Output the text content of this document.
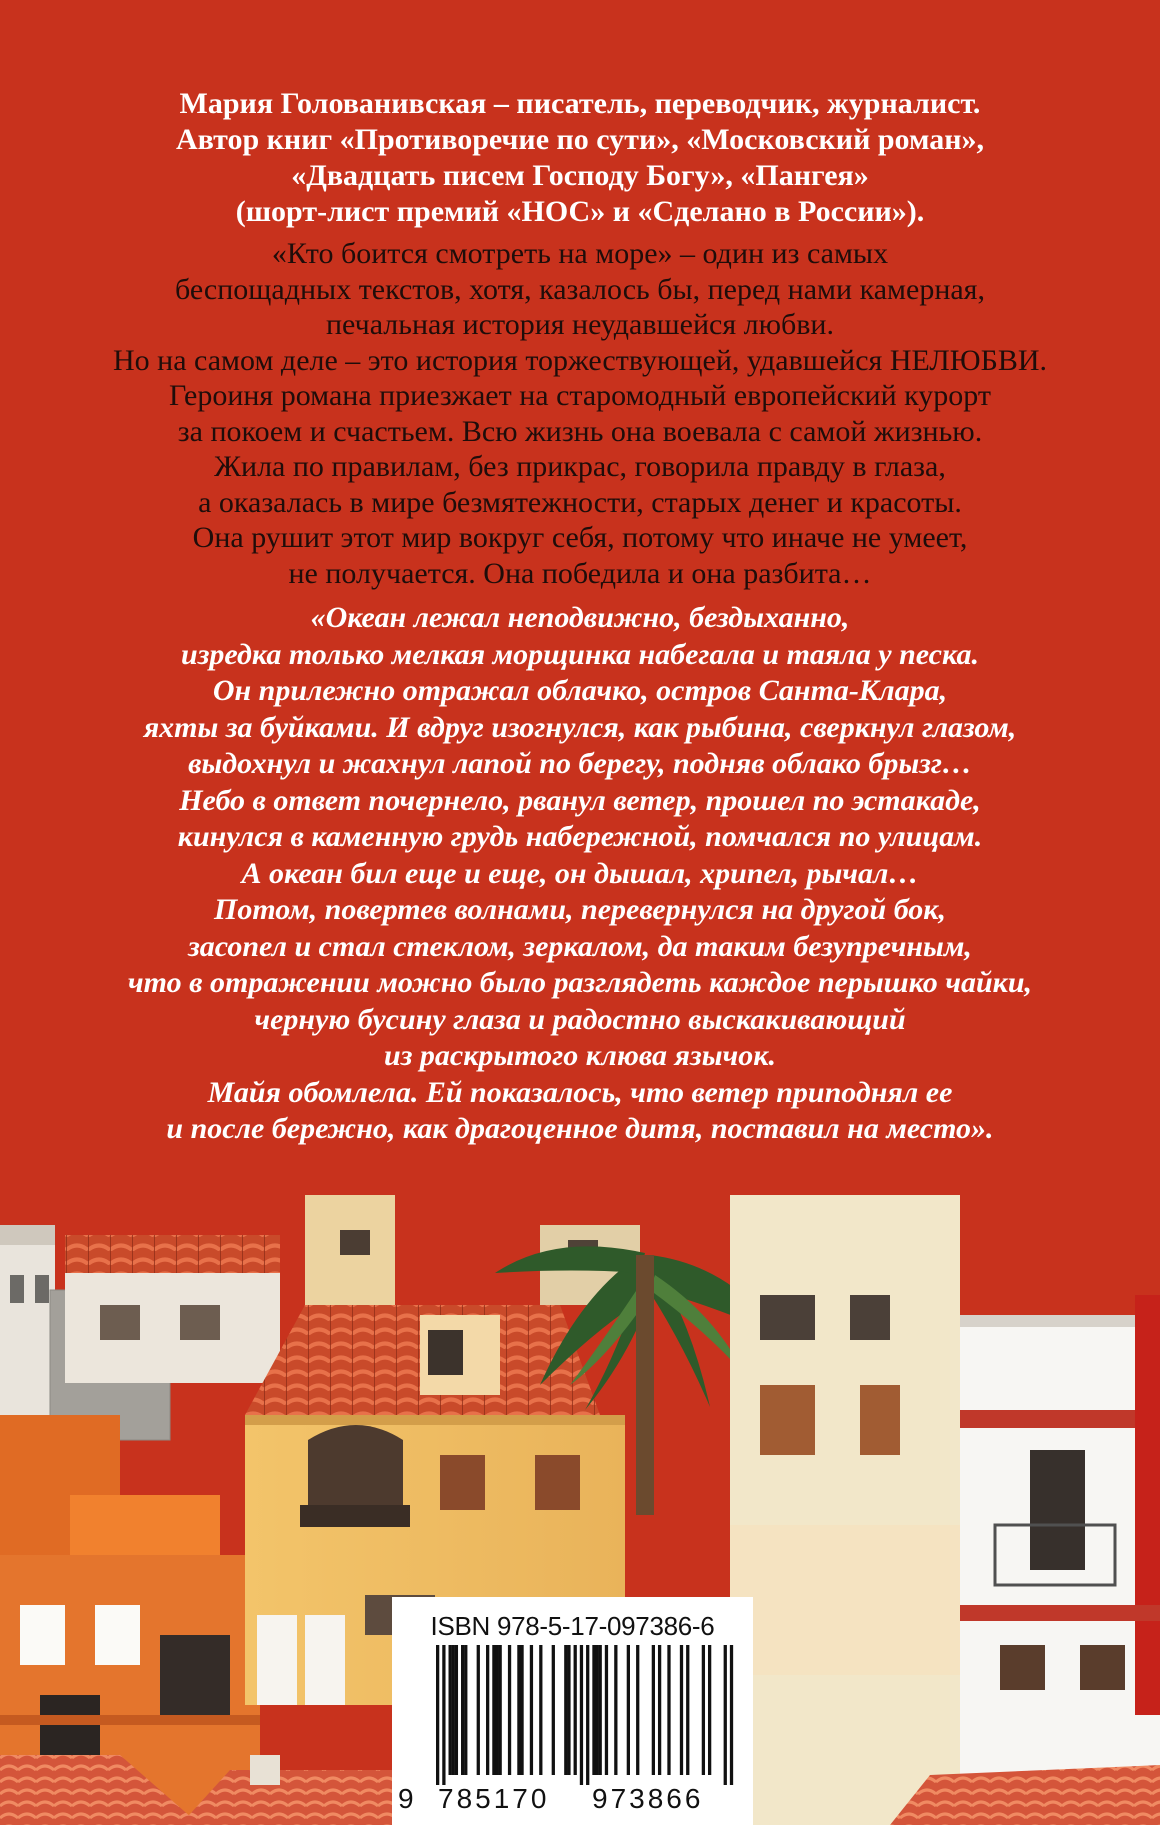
Мария Голованивская – писатель, переводчик, журналист.
Автор книг «Противоречие по сути», «Московский роман»,
«Двадцать писем Господу Богу», «Пангея»
(шорт-лист премий «НОС» и «Сделано в России»).
«Кто боится смотреть на море» – один из самых
беспощадных текстов, хотя, казалось бы, перед нами камерная,
печальная история неудавшейся любви.
Но на самом деле – это история торжествующей, удавшейся НЕЛЮБВИ.
Героиня романа приезжает на старомодный европейский курорт
за покоем и счастьем. Всю жизнь она воевала с самой жизнью.
Жила по правилам, без прикрас, говорила правду в глаза,
а оказалась в мире безмятежности, старых денег и красоты.
Она рушит этот мир вокруг себя, потому что иначе не умеет,
не получается. Она победила и она разбита…
«Океан лежал неподвижно, бездыханно,
изредка только мелкая морщинка набегала и таяла у песка.
Он прилежно отражал облачко, остров Санта-Клара,
яхты за буйками. И вдруг изогнулся, как рыбина, сверкнул глазом,
выдохнул и жахнул лапой по берегу, подняв облако брызг…
Небо в ответ почернело, рванул ветер, прошел по эстакаде,
кинулся в каменную грудь набережной, помчался по улицам.
А океан бил еще и еще, он дышал, хрипел, рычал…
Потом, повертев волнами, перевернулся на другой бок,
засопел и стал стеклом, зеркалом, да таким безупречным,
что в отражении можно было разглядеть каждое перышко чайки,
черную бусину глаза и радостно выскакивающий
из раскрытого клюва язычок.
Майя обомлела. Ей показалось, что ветер приподнял ее
и после бережно, как драгоценное дитя, поставил на место».
ISBN 978-5-17-097386-6
9 785170 973866
